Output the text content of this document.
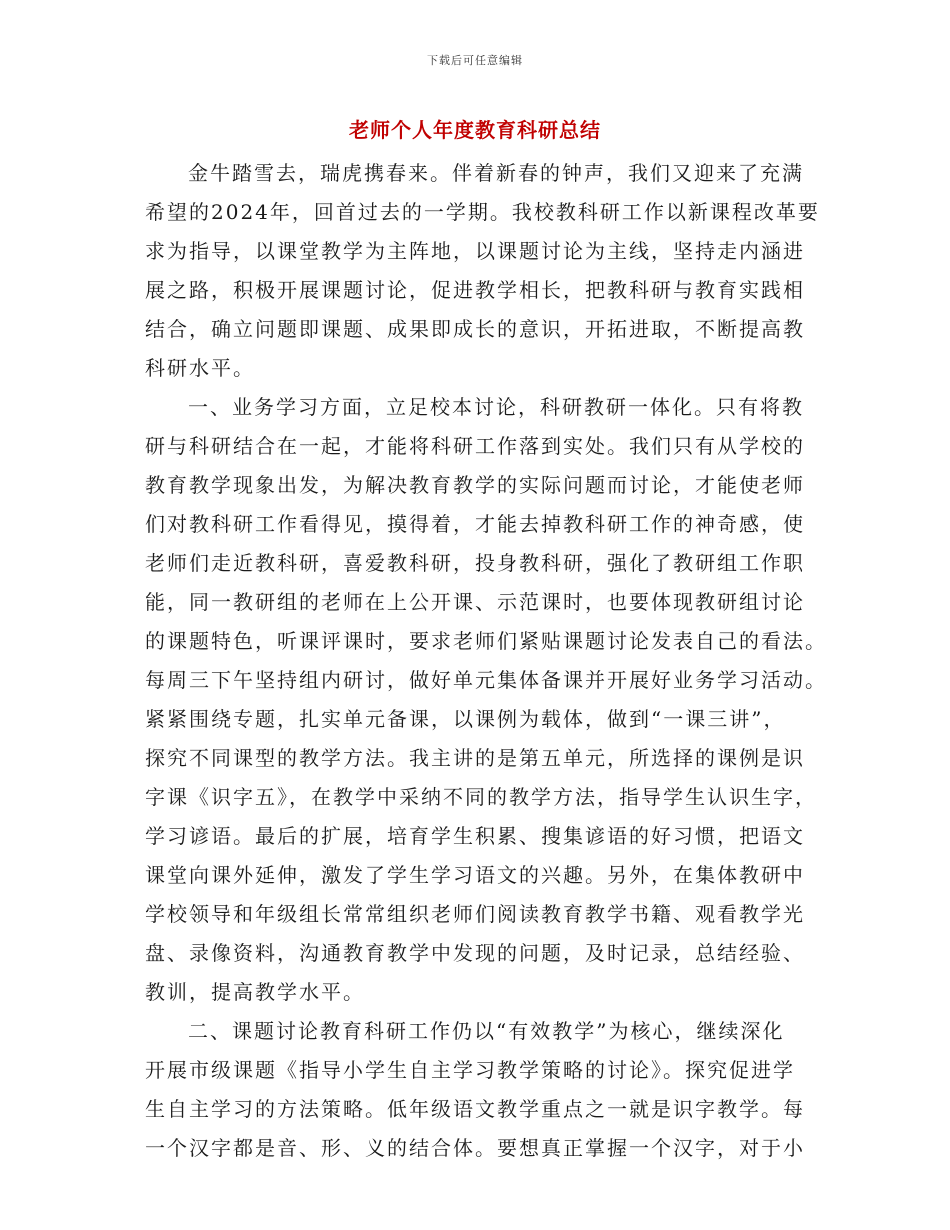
下载后可任意编辑
老师个人年度教育科研总结
金牛踏雪去，瑞虎携春来。伴着新春的钟声，我们又迎来了充满
希望的2024年，回首过去的一学期。我校教科研工作以新课程改革要
求为指导，以课堂教学为主阵地，以课题讨论为主线，坚持走内涵进
展之路，积极开展课题讨论，促进教学相长，把教科研与教育实践相
结合，确立问题即课题、成果即成长的意识，开拓进取，不断提高教
科研水平。
一、业务学习方面，立足校本讨论，科研教研一体化。只有将教
研与科研结合在一起，才能将科研工作落到实处。我们只有从学校的
教育教学现象出发，为解决教育教学的实际问题而讨论，才能使老师
们对教科研工作看得见，摸得着，才能去掉教科研工作的神奇感，使
老师们走近教科研，喜爱教科研，投身教科研，强化了教研组工作职
能，同一教研组的老师在上公开课、示范课时，也要体现教研组讨论
的课题特色，听课评课时，要求老师们紧贴课题讨论发表自己的看法。
每周三下午坚持组内研讨，做好单元集体备课并开展好业务学习活动。
紧紧围绕专题，扎实单元备课，以课例为载体，做到“一课三讲”，
探究不同课型的教学方法。我主讲的是第五单元，所选择的课例是识
字课《识字五》，在教学中采纳不同的教学方法，指导学生认识生字，
学习谚语。最后的扩展，培育学生积累、搜集谚语的好习惯，把语文
课堂向课外延伸，激发了学生学习语文的兴趣。另外，在集体教研中
学校领导和年级组长常常组织老师们阅读教育教学书籍、观看教学光
盘、录像资料，沟通教育教学中发现的问题，及时记录，总结经验、
教训，提高教学水平。
二、课题讨论教育科研工作仍以“有效教学”为核心，继续深化
开展市级课题《指导小学生自主学习教学策略的讨论》。探究促进学
生自主学习的方法策略。低年级语文教学重点之一就是识字教学。每
一个汉字都是音、形、义的结合体。要想真正掌握一个汉字，对于小
